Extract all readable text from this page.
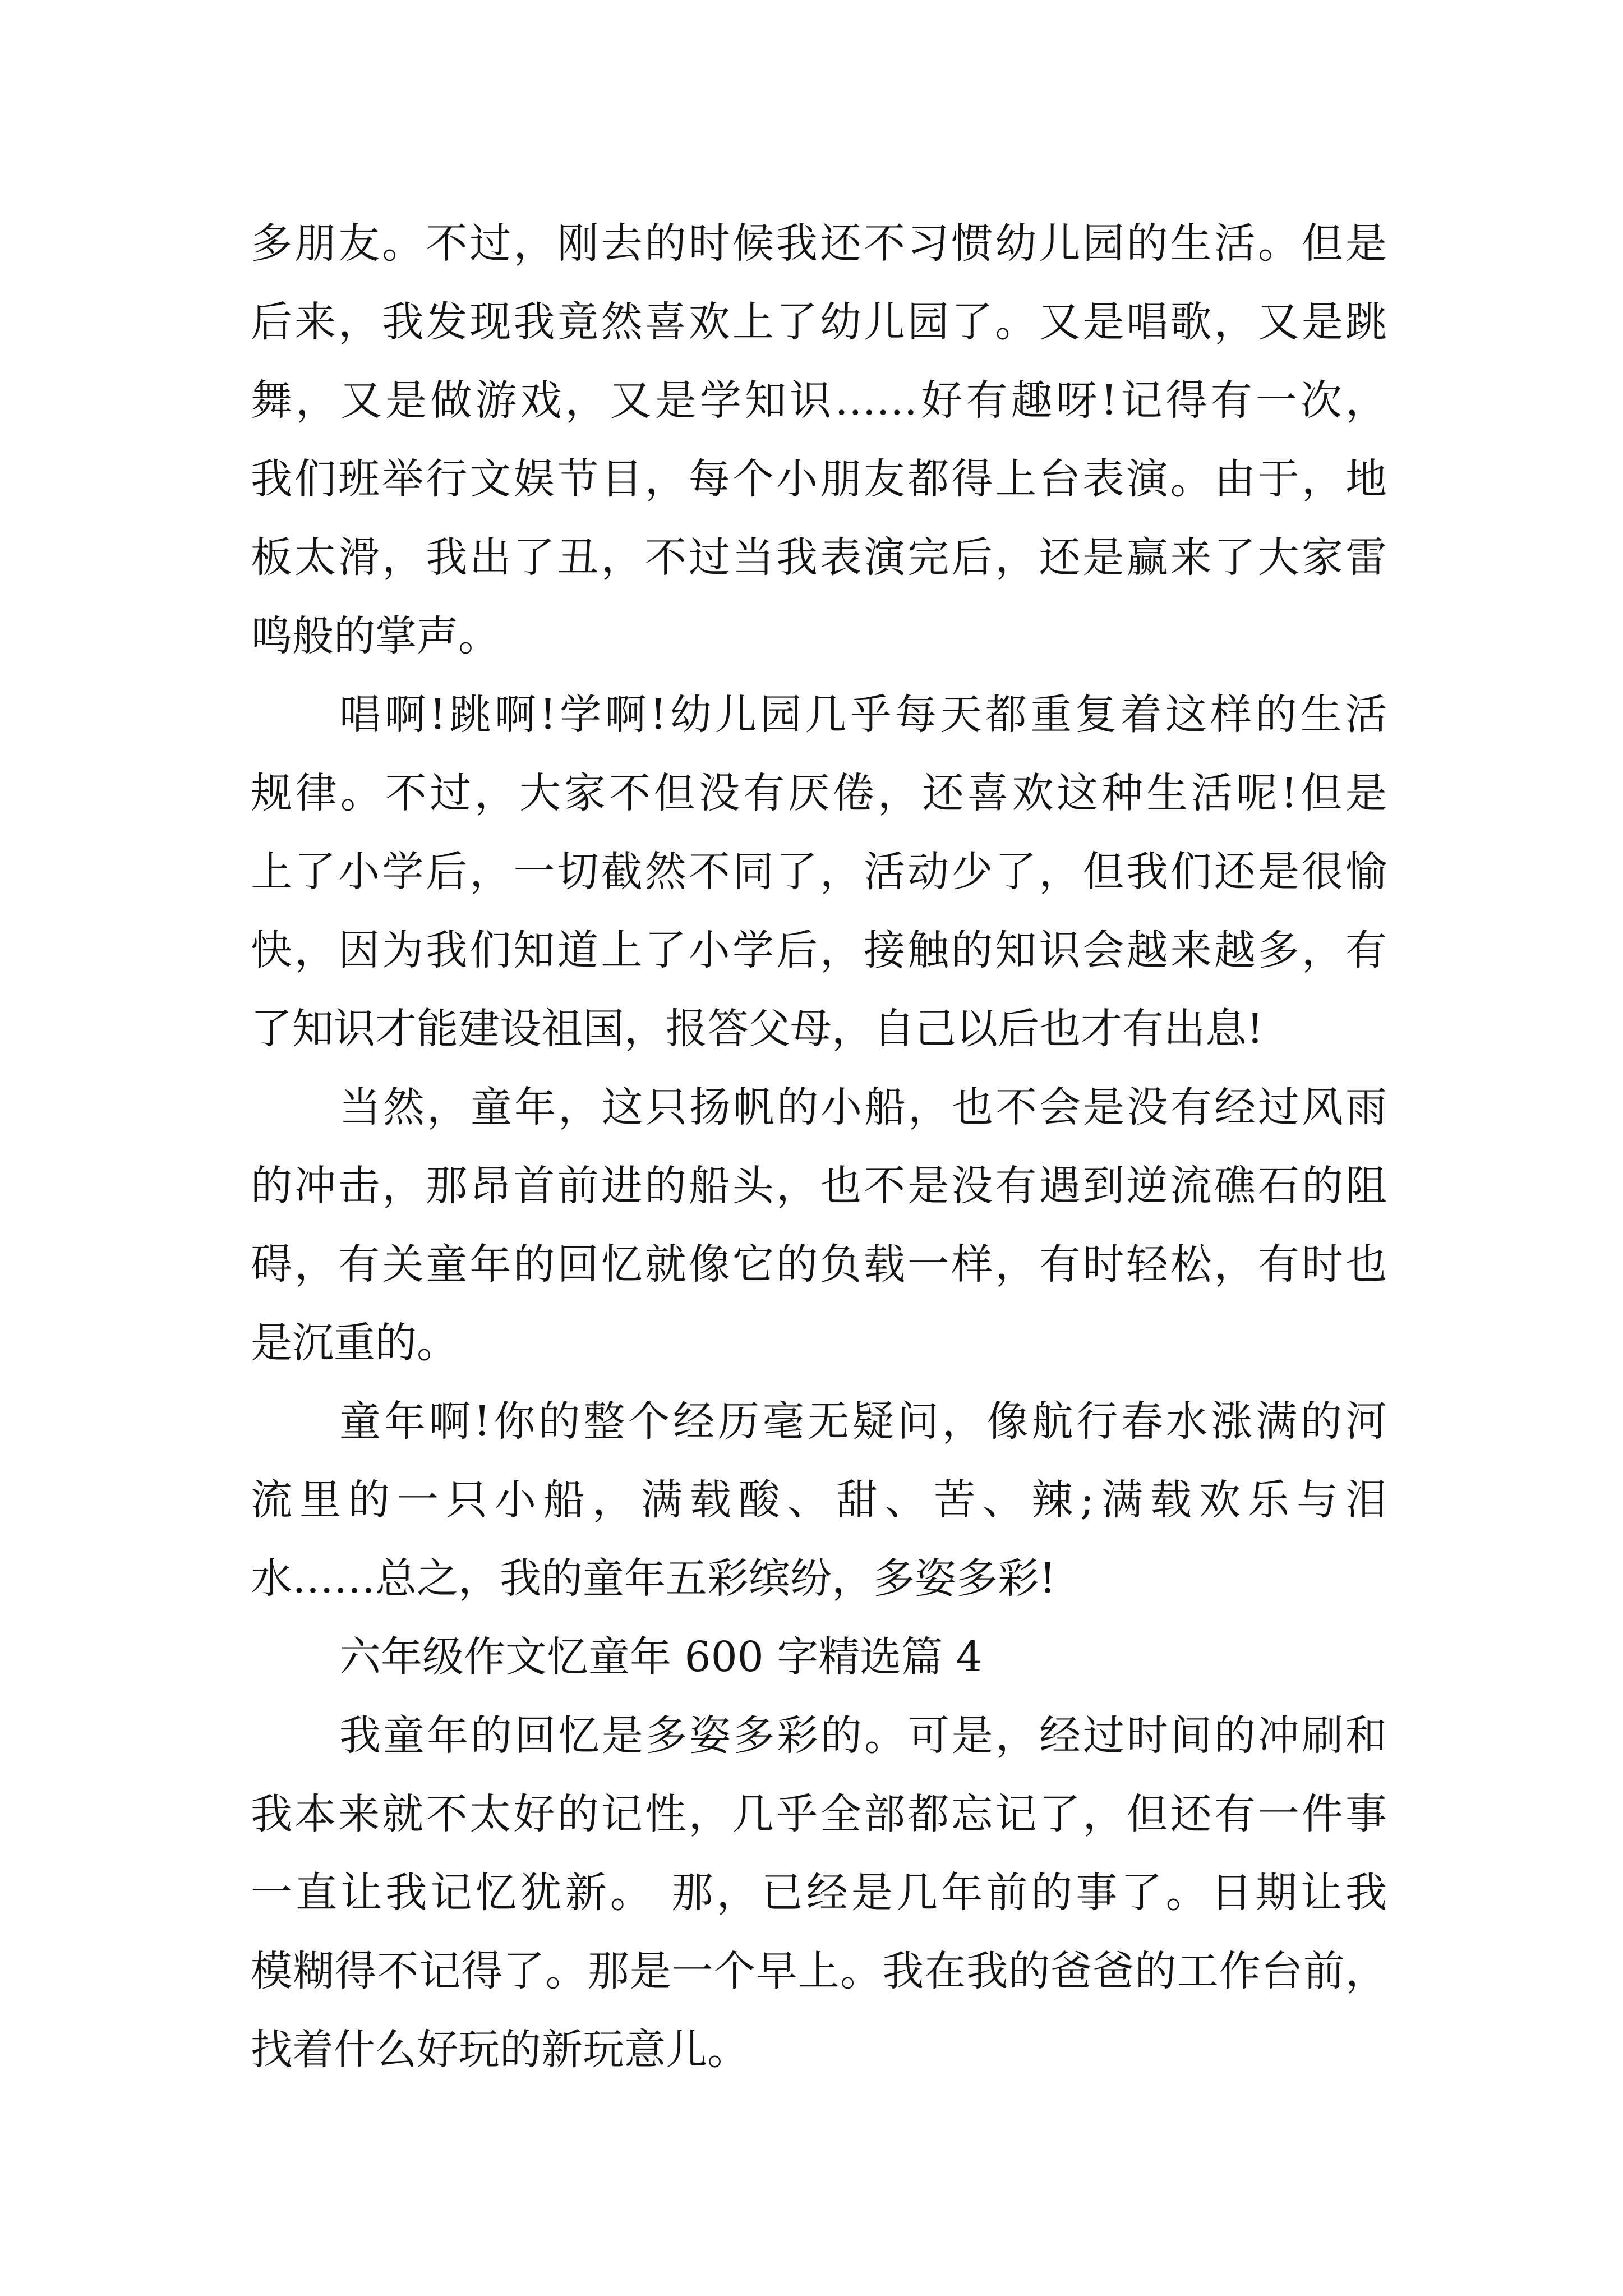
多朋友。不过，刚去的时候我还不习惯幼儿园的生活。但是
后来，我发现我竟然喜欢上了幼儿园了。又是唱歌，又是跳
舞，又是做游戏，又是学知识……好有趣呀!记得有一次，
我们班举行文娱节目，每个小朋友都得上台表演。由于，地
板太滑，我出了丑，不过当我表演完后，还是赢来了大家雷
鸣般的掌声。
唱啊!跳啊!学啊!幼儿园几乎每天都重复着这样的生活
规律。不过，大家不但没有厌倦，还喜欢这种生活呢!但是
上了小学后，一切截然不同了，活动少了，但我们还是很愉
快，因为我们知道上了小学后，接触的知识会越来越多，有
了知识才能建设祖国，报答父母，自己以后也才有出息!
当然，童年，这只扬帆的小船，也不会是没有经过风雨
的冲击，那昂首前进的船头，也不是没有遇到逆流礁石的阻
碍，有关童年的回忆就像它的负载一样，有时轻松，有时也
是沉重的。
童年啊!你的整个经历毫无疑问，像航行春水涨满的河
流里的一只小船，满载酸、甜、苦、辣;满载欢乐与泪
水……总之，我的童年五彩缤纷，多姿多彩!
六年级作文忆童年 600 字精选篇 4
我童年的回忆是多姿多彩的。可是，经过时间的冲刷和
我本来就不太好的记性，几乎全部都忘记了，但还有一件事
一直让我记忆犹新。 那，已经是几年前的事了。日期让我
模糊得不记得了。那是一个早上。我在我的爸爸的工作台前，
找着什么好玩的新玩意儿。
